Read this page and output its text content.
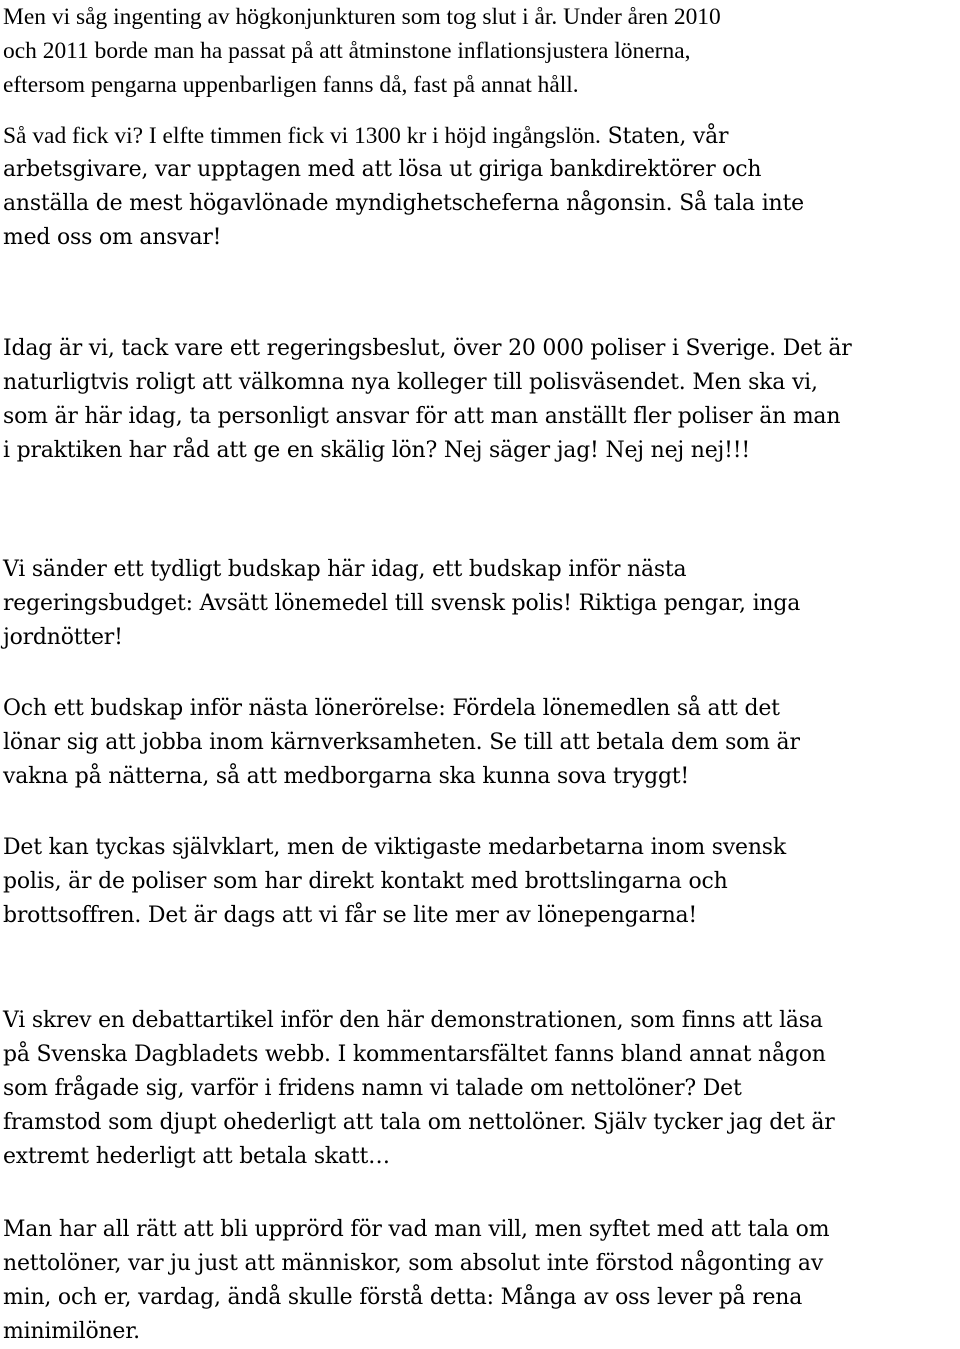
Men vi såg ingenting av högkonjunkturen som tog slut i år. Under åren 2010
och 2011 borde man ha passat på att åtminstone inflationsjustera lönerna,
eftersom pengarna uppenbarligen fanns då, fast på annat håll.

Så vad fick vi? I elfte timmen fick vi 1300 kr i höjd ingångslön. Staten, vår
arbetsgivare, var upptagen med att lösa ut giriga bankdirektörer och
anställa de mest högavlönade myndighetscheferna någonsin. Så tala inte
med oss om ansvar!

Idag är vi, tack vare ett regeringsbeslut, över 20 000 poliser i Sverige. Det är
naturligtvis roligt att välkomna nya kolleger till polisväsendet. Men ska vi,
som är här idag, ta personligt ansvar för att man anställt fler poliser än man
i praktiken har råd att ge en skälig lön? Nej säger jag! Nej nej nej!!!

Vi sänder ett tydligt budskap här idag, ett budskap inför nästa
regeringsbudget: Avsätt lönemedel till svensk polis! Riktiga pengar, inga
jordnötter!

Och ett budskap inför nästa lönerörelse: Fördela lönemedlen så att det
lönar sig att jobba inom kärnverksamheten. Se till att betala dem som är
vakna på nätterna, så att medborgarna ska kunna sova tryggt!

Det kan tyckas självklart, men de viktigaste medarbetarna inom svensk
polis, är de poliser som har direkt kontakt med brottslingarna och
brottsoffren. Det är dags att vi får se lite mer av lönepengarna!

Vi skrev en debattartikel inför den här demonstrationen, som finns att läsa
på Svenska Dagbladets webb. I kommentarsfältet fanns bland annat någon
som frågade sig, varför i fridens namn vi talade om nettolöner? Det
framstod som djupt ohederligt att tala om nettolöner. Själv tycker jag det är
extremt hederligt att betala skatt…

Man har all rätt att bli upprörd för vad man vill, men syftet med att tala om
nettolöner, var ju just att människor, som absolut inte förstod någonting av
min, och er, vardag, ändå skulle förstå detta: Många av oss lever på rena
minimilöner.
